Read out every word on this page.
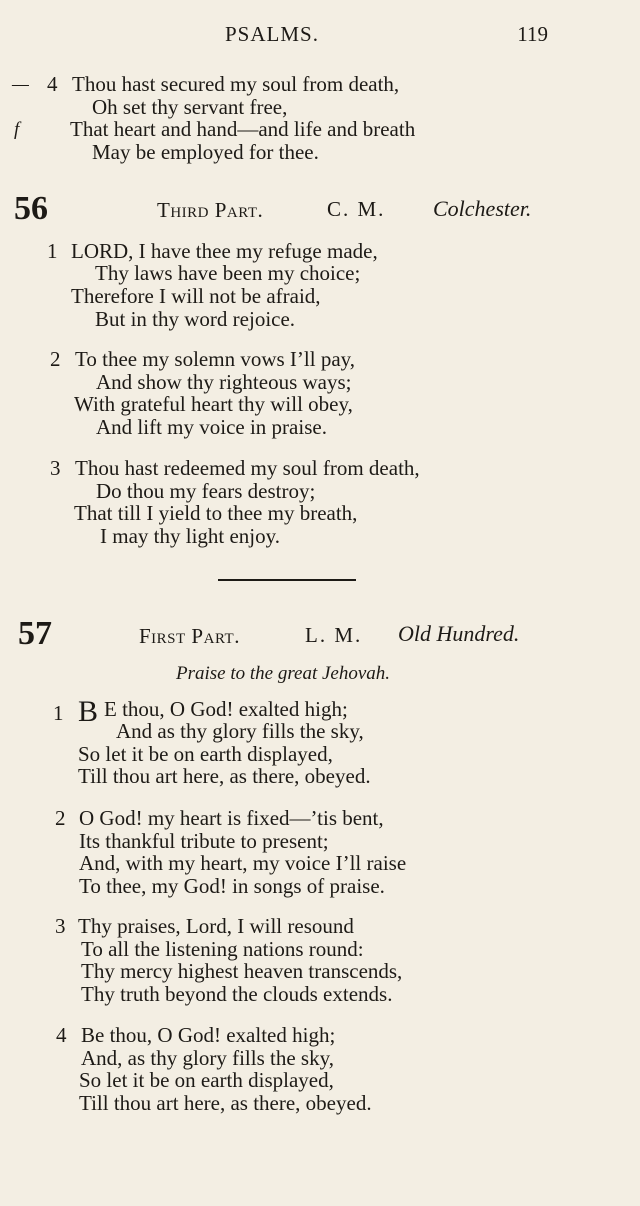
PSALMS.	119
— 4 Thou hast secured my soul from death,
Oh set thy servant free,
f That heart and hand—and life and breath
May be employed for thee.
56	Third Part.	C. M. Colchester.
1 LORD, I have thee my refuge made,
Thy laws have been my choice;
Therefore I will not be afraid,
But in thy word rejoice.
2 To thee my solemn vows I’ll pay,
And show thy righteous ways;
With grateful heart thy will obey,
And lift my voice in praise.
3 Thou hast redeemed my soul from death,
Do thou my fears destroy;
That till I yield to thee my breath,
I may thy light enjoy.
57	First Part.	L. M. Old Hundred.
Praise to the great Jehovah.
1 B E thou, O God! exalted high;
And as thy glory fills the sky,
So let it be on earth displayed,
Till thou art here, as there, obeyed.
2 O God! my heart is fixed—’tis bent,
Its thankful tribute to present;
And, with my heart, my voice I’ll raise
To thee, my God! in songs of praise.
3 Thy praises, Lord, I will resound
To all the listening nations round:
Thy mercy highest heaven transcends,
Thy truth beyond the clouds extends.
4 Be thou, O God! exalted high;
And, as thy glory fills the sky,
So let it be on earth displayed,
Till thou art here, as there, obeyed.
